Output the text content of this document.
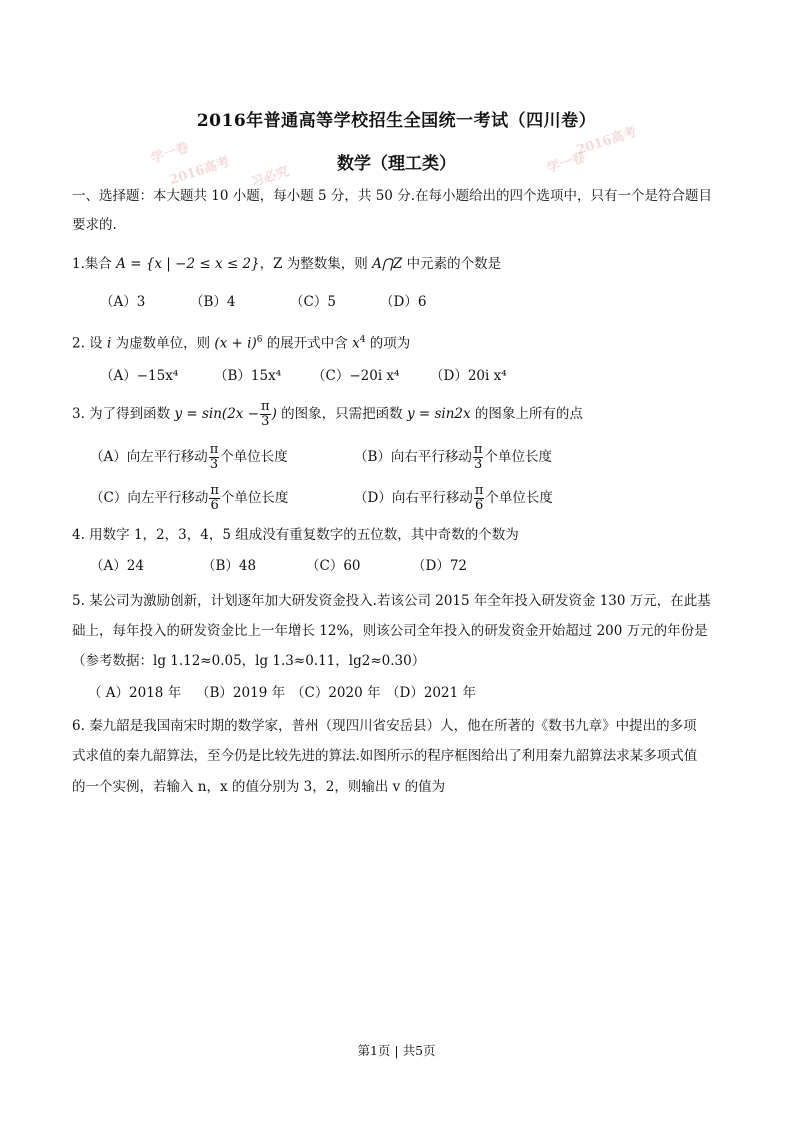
学一卷
2016高考 习必究
学一卷
2016高考
2016年普通高等学校招生全国统一考试（四川卷）
数学（理工类）
一、选择题：本大题共 10 小题，每小题 5 分，共 50 分.在每小题给出的四个选项中，只有一个是符合题目
要求的.
1.集合 A = {x | −2 ≤ x ≤ 2}，Z 为整数集，则 A⋂Z 中元素的个数是
（A）3	（B）4	（C）5	（D）6
2. 设 i 为虚数单位，则 $(x + i)^6$ 的展开式中含 $x^4$ 的项为
（A）−15x⁴	（B）15x⁴ （C）−20i x⁴ （D）20i x⁴
3. 为了得到函数 $y = \sin(2x - \frac{\pi}{3}$ ) 的图象，只需把函数 y = sin2x 的图象上所有的点
（A）向左平行移动 $\frac{\pi}{3}$ 个单位长度	（B）向右平行移动 $\frac{\pi}{3}$ 个单位长度
（C）向左平行移动 $\frac{\pi}{6}$ 个单位长度	（D）向右平行移动 $\frac{\pi}{6}$ 个单位长度
4. 用数字 1，2，3，4，5 组成没有重复数字的五位数，其中奇数的个数为
（A）24	（B）48	（C）60	（D）72
5. 某公司为激励创新，计划逐年加大研发资金投入.若该公司 2015 年全年投入研发资金 130 万元，在此基
础上，每年投入的研发资金比上一年增长 12%，则该公司全年投入的研发资金开始超过 200 万元的年份是
（参考数据：lg 1.12≈0.05，lg 1.3≈0.11，lg2≈0.30）
（ A）2018 年 （B）2019 年 （C）2020 年 （D）2021 年
6. 秦九韶是我国南宋时期的数学家，普州（现四川省安岳县）人，他在所著的《数书九章》中提出的多项
式求值的秦九韶算法，至今仍是比较先进的算法.如图所示的程序框图给出了利用秦九韶算法求某多项式值
的一个实例，若输入 n，x 的值分别为 3，2，则输出 v 的值为
第1页 | 共5页
